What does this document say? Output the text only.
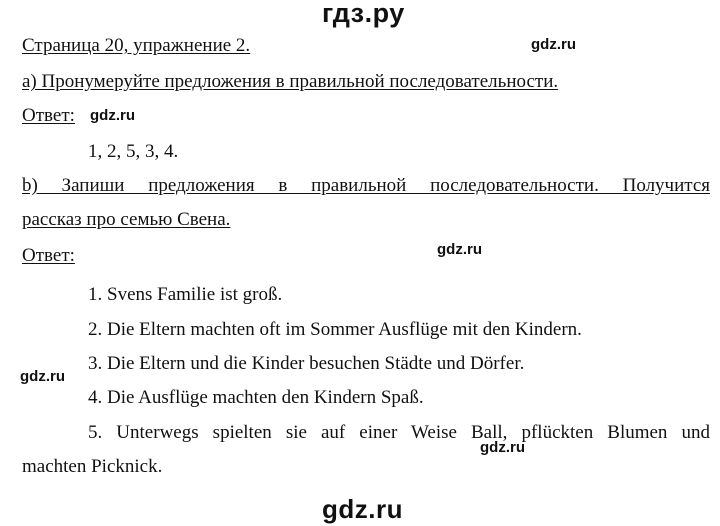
гдз.ру
gdz.ru
gdz.ru
gdz.ru
gdz.ru
gdz.ru
gdz.ru
Страница 20, упражнение 2.
а) Пронумеруйте предложения в правильной последовательности.
Ответ:
1, 2, 5, 3, 4.
b) Запиши предложения в правильной последовательности. Получится
рассказ про семью Свена.
Ответ:
1. Svens Familie ist groß.
2. Die Eltern machten oft im Sommer Ausflüge mit den Kindern.
3. Die Eltern und die Kinder besuchen Städte und Dörfer.
4. Die Ausflüge machten den Kindern Spaß.
5. Unterwegs spielten sie auf einer Weise Ball, pflückten Blumen und
machten Picknick.
